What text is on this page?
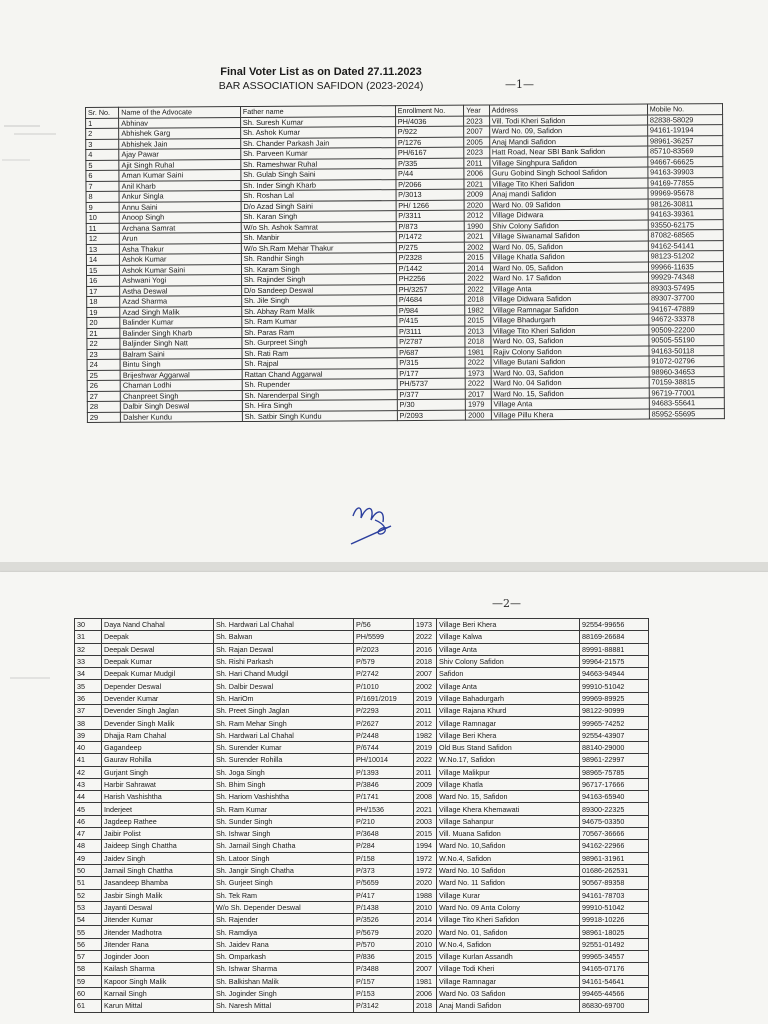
Final Voter List as on Dated 27.11.2023
BAR ASSOCIATION SAFIDON (2023-2024)	—1—
Sr. No.	Name of the Advocate	Father name	Enrollment No.	Year	Address	Mobile No.
1	Abhinav	Sh. Suresh Kumar	PH/4036	2023	Vill. Todi Kheri Safidon	82838-58029
2	Abhishek Garg	Sh. Ashok Kumar	P/922	2007	Ward No. 09, Safidon	94161-19194
3	Abhishek Jain	Sh. Chander Parkash Jain	P/1276	2005	Anaj Mandi Safidon	98961-36257
4	Ajay Pawar	Sh. Parveen Kumar	PH/6167	2023	Hatt Road, Near SBI Bank Safidon	85710-83569
5	Ajit Singh Ruhal	Sh. Rameshwar Ruhal	P/335	2011	Village Singhpura Safidon	94667-66625
6	Aman Kumar Saini	Sh. Gulab Singh Saini	P/44	2006	Guru Gobind Singh School Safidon	94163-39903
7	Anil Kharb	Sh. Inder Singh Kharb	P/2066	2021	Village Tito Kheri Safidon	94169-77855
8	Ankur Singla	Sh. Roshan Lal	P/3013	2009	Anaj mandi Safidon	99969-95678
9	Annu Saini	D/o Azad Singh Saini	PH/ 1266	2020	Ward No. 09 Safidon	98126-30811
10	Anoop Singh	Sh. Karan Singh	P/3311	2012	Village Didwara	94163-39361
11	Archana Samrat	W/o Sh. Ashok Samrat	P/873	1990	Shiv Colony Safidon	93550-62175
12	Arun	Sh. Manbir	P/1472	2021	Village Siwanamal Safidon	87082-68565
13	Asha Thakur	W/o Sh.Ram Mehar Thakur	P/275	2002	Ward No. 05, Safidon	94162-54141
14	Ashok Kumar	Sh. Randhir Singh	P/2328	2015	Village Khatla Safidon	98123-51202
15	Ashok Kumar Saini	Sh. Karam Singh	P/1442	2014	Ward No. 05, Safidon	99966-11635
16	Ashwani Yogi	Sh. Rajinder Singh	PH2256	2022	Ward No. 17 Safidon	99929-74348
17	Astha Deswal	D/o Sandeep Deswal	PH/3257	2022	Village Anta	89303-57495
18	Azad Sharma	Sh. Jile Singh	P/4684	2018	Village Didwara Safidon	89307-37700
19	Azad Singh Malik	Sh. Abhay Ram Malik	P/984	1982	Village Ramnagar Safidon	94167-47889
20	Balinder Kumar	Sh. Ram Kumar	P/415	2015	Village Bhadurgarh	94672-33378
21	Balinder Singh Kharb	Sh. Paras Ram	P/3111	2013	Village Tito Kheri Safidon	90509-22200
22	Baljinder Singh Natt	Sh. Gurpreet Singh	P/2787	2018	Ward No. 03, Safidon	90505-55190
23	Balram Saini	Sh. Rati Ram	P/687	1981	Rajiv Colony Safidon	94163-50118
24	Bintu Singh	Sh. Rajpal	P/315	2022	Village Butani Safidon	91072-02796
25	Brijeshwar Aggarwal	Rattan Chand Aggarwal	P/177	1973	Ward No. 03, Safidon	98960-34653
26	Charnan Lodhi	Sh. Rupender	PH/5737	2022	Ward No. 04 Safidon	70159-38815
27	Chanpreet Singh	Sh. Narenderpal Singh	P/377	2017	Ward No. 15, Safidon	96719-77001
28	Dalbir Singh Deswal	Sh. Hira Singh	P/30	1979	Village Anta	94683-55641
29	Dalsher Kundu	Sh. Satbir Singh Kundu	P/2093	2000	Village Pillu Khera	85952-55695
—2—
30	Daya Nand Chahal	Sh. Hardwari Lal Chahal	P/56	1973	Village Beri Khera	92554-99656
31	Deepak	Sh. Balwan	PH/5599	2022	Village Kalwa	88169-26684
32	Deepak Deswal	Sh. Rajan Deswal	P/2023	2016	Village Anta	89991-88881
33	Deepak Kumar	Sh. Rishi Parkash	P/579	2018	Shiv Colony Safidon	99964-21575
34	Deepak Kumar Mudgil	Sh. Hari Chand Mudgil	P/2742	2007	Safidon	94663-94944
35	Depender Deswal	Sh. Dalbir Deswal	P/1010	2002	Village Anta	99910-51042
36	Devender Kumar	Sh. HariOm	P/1691/2019	2019	Village Bahadurgarh	99969-89925
37	Devender Singh Jaglan	Sh. Preet Singh Jaglan	P/2293	2011	Village Rajana Khurd	98122-90999
38	Devender Singh Malik	Sh. Ram Mehar Singh	P/2627	2012	Village Ramnagar	99965-74252
39	Dhajja Ram Chahal	Sh. Hardwari Lal Chahal	P/2448	1982	Village Beri Khera	92554-43907
40	Gagandeep	Sh. Surender Kumar	P/6744	2019	Old Bus Stand Safidon	88140-29000
41	Gaurav Rohilla	Sh. Surender Rohilla	PH/10014	2022	W.No.17, Safidon	98961-22997
42	Gurjant Singh	Sh. Joga Singh	P/1393	2011	Village Malikpur	98965-75785
43	Harbir Sahrawat	Sh. Bhim Singh	P/3846	2009	Village Khatla	96717-17666
44	Harish Vashishtha	Sh. Hariom Vashishtha	P/1741	2008	Ward No. 15, Safidon	94163-65940
45	Inderjeet	Sh. Ram Kumar	PH/1536	2021	Village Khera Khemawati	89300-22325
46	Jagdeep Rathee	Sh. Sunder Singh	P/210	2003	Village Sahanpur	94675-03350
47	Jaibir Polist	Sh. Ishwar Singh	P/3648	2015	Vill. Muana Safidon	70567-36666
48	Jaideep Singh Chattha	Sh. Jarnail Singh Chatha	P/284	1994	Ward No. 10,Safidon	94162-22966
49	Jaidev Singh	Sh. Latoor Singh	P/158	1972	W.No.4, Safidon	98961-31961
50	Jarnail Singh Chattha	Sh. Jangir Singh Chatha	P/373	1972	Ward No. 10 Safidon	01686-262531
51	Jasandeep Bhamba	Sh. Gurjeet Singh	P/5659	2020	Ward No. 11 Safidon	90567-89358
52	Jasbir Singh Malik	Sh. Tek Ram	P/417	1988	Village Kurar	94161-78703
53	Jayanti Deswal	W/o Sh. Depender Deswal	P/1438	2010	Ward No. 09 Anta Colony	99910-51042
54	Jitender Kumar	Sh. Rajender	P/3526	2014	Village Tito Kheri Safidon	99918-10226
55	Jitender Madhotra	Sh. Ramdiya	P/5679	2020	Ward No. 01, Safidon	98961-18025
56	Jitender Rana	Sh. Jaidev Rana	P/570	2010	W.No.4, Safidon	92551-01492
57	Joginder Joon	Sh. Omparkash	P/836	2015	Village Kurlan Assandh	99965-34557
58	Kailash Sharma	Sh. Ishwar Sharma	P/3488	2007	Village Todi Kheri	94165-07176
59	Kapoor Singh Malik	Sh. Balkishan Malik	P/157	1981	Village Ramnagar	94161-54641
60	Karnail Singh	Sh. Joginder Singh	P/153	2006	Ward No. 03 Safidon	99465-44566
61	Karun Mittal	Sh. Naresh Mittal	P/3142	2018	Anaj Mandi Safidon	86830-69700
